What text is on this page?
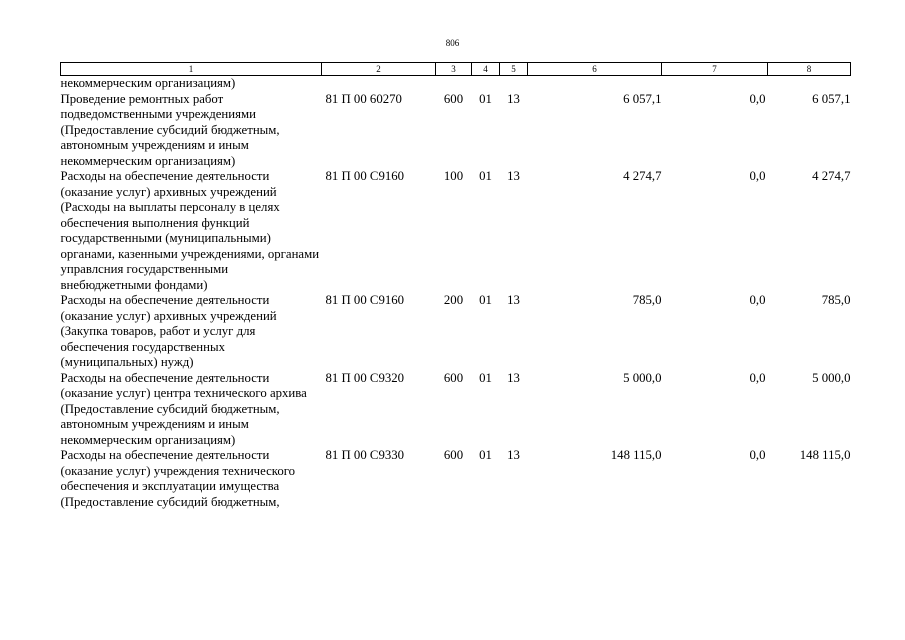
806
1	2	3	4	5	6	7	8
некоммерческим организациям)							
Проведение ремонтных работ подведомственными учреждениями (Предоставление субсидий бюджетным, автономным учреждениям и иным некоммерческим организациям)	81 П 00 60270	600	01	13	6 057,1	0,0	6 057,1
Расходы на обеспечение деятельности (оказание услуг) архивных учреждений (Расходы на выплаты персоналу в целях обеспечения выполнения функций государственными (муниципальными) органами, казенными учреждениями, органами управлсния государственными внебюджетными фондами)	81 П 00 С9160	100	01	13	4 274,7	0,0	4 274,7
Расходы на обеспечение деятельности (оказание услуг) архивных учреждений (Закупка товаров, работ и услуг для обеспечения государственных (муниципальных) нужд)	81 П 00 С9160	200	01	13	785,0	0,0	785,0
Расходы на обеспечение деятельности (оказание услуг) центра технического архива (Предоставление субсидий бюджетным, автономным учреждениям и иным некоммерческим организациям)	81 П 00 С9320	600	01	13	5 000,0	0,0	5 000,0
Расходы на обеспечение деятельности (оказание услуг) учреждения технического обеспечения и эксплуатации имущества (Предоставление субсидий бюджетным,	81 П 00 С9330	600	01	13	148 115,0	0,0	148 115,0
